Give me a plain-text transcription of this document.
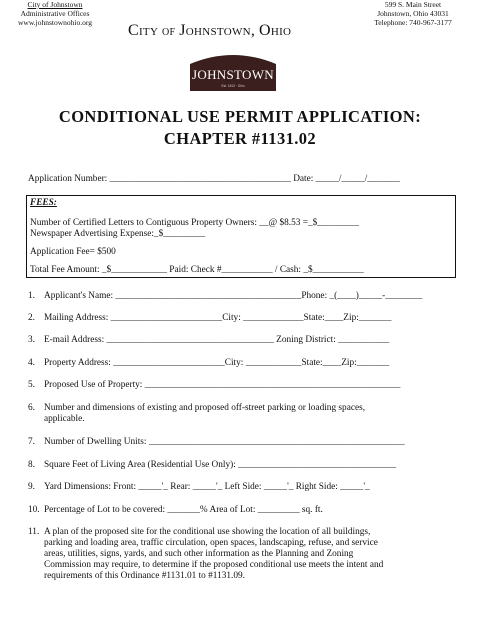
City of Johnstown
Administrative Offices
www.johnstownohio.org	City of Johnstown, Ohio
599 S. Main Street
Johnstown, Ohio 43031
Telephone: 740-967-3177
JOHNSTOWN
Est. 1813 · Ohio
CONDITIONAL USE PERMIT APPLICATION:
CHAPTER #1131.02
Application Number: _______________________________________ Date: _____/_____/_______
FEES:
Number of Certified Letters to Contiguous Property Owners: __@ $8.53 =_$_________
Newspaper Advertising Expense:_$_________
Application Fee= $500
Total Fee Amount: _$____________ Paid: Check #___________ / Cash: _$___________
1. Applicant's Name: ________________________________________Phone: _(____)_____-________
2. Mailing Address: ________________________City: _____________State:____Zip:_______
3. E-mail Address: ____________________________________ Zoning District: ___________
4. Property Address: ________________________City: ____________State:____Zip:_______
5. Proposed Use of Property: _______________________________________________________
6. Number and dimensions of existing and proposed off-street parking or loading spaces,
applicable.
7. Number of Dwelling Units: _______________________________________________________
8. Square Feet of Living Area (Residential Use Only): __________________________________
9. Yard Dimensions: Front: _____'_ Rear: _____'_ Left Side: _____'_ Right Side: _____'_
10. Percentage of Lot to be covered: _______% Area of Lot: _________ sq. ft.
11. A plan of the proposed site for the conditional use showing the location of all buildings,
parking and loading area, traffic circulation, open spaces, landscaping, refuse, and service
areas, utilities, signs, yards, and such other information as the Planning and Zoning
Commission may require, to determine if the proposed conditional use meets the intent and
requirements of this Ordinance #1131.01 to #1131.09.
